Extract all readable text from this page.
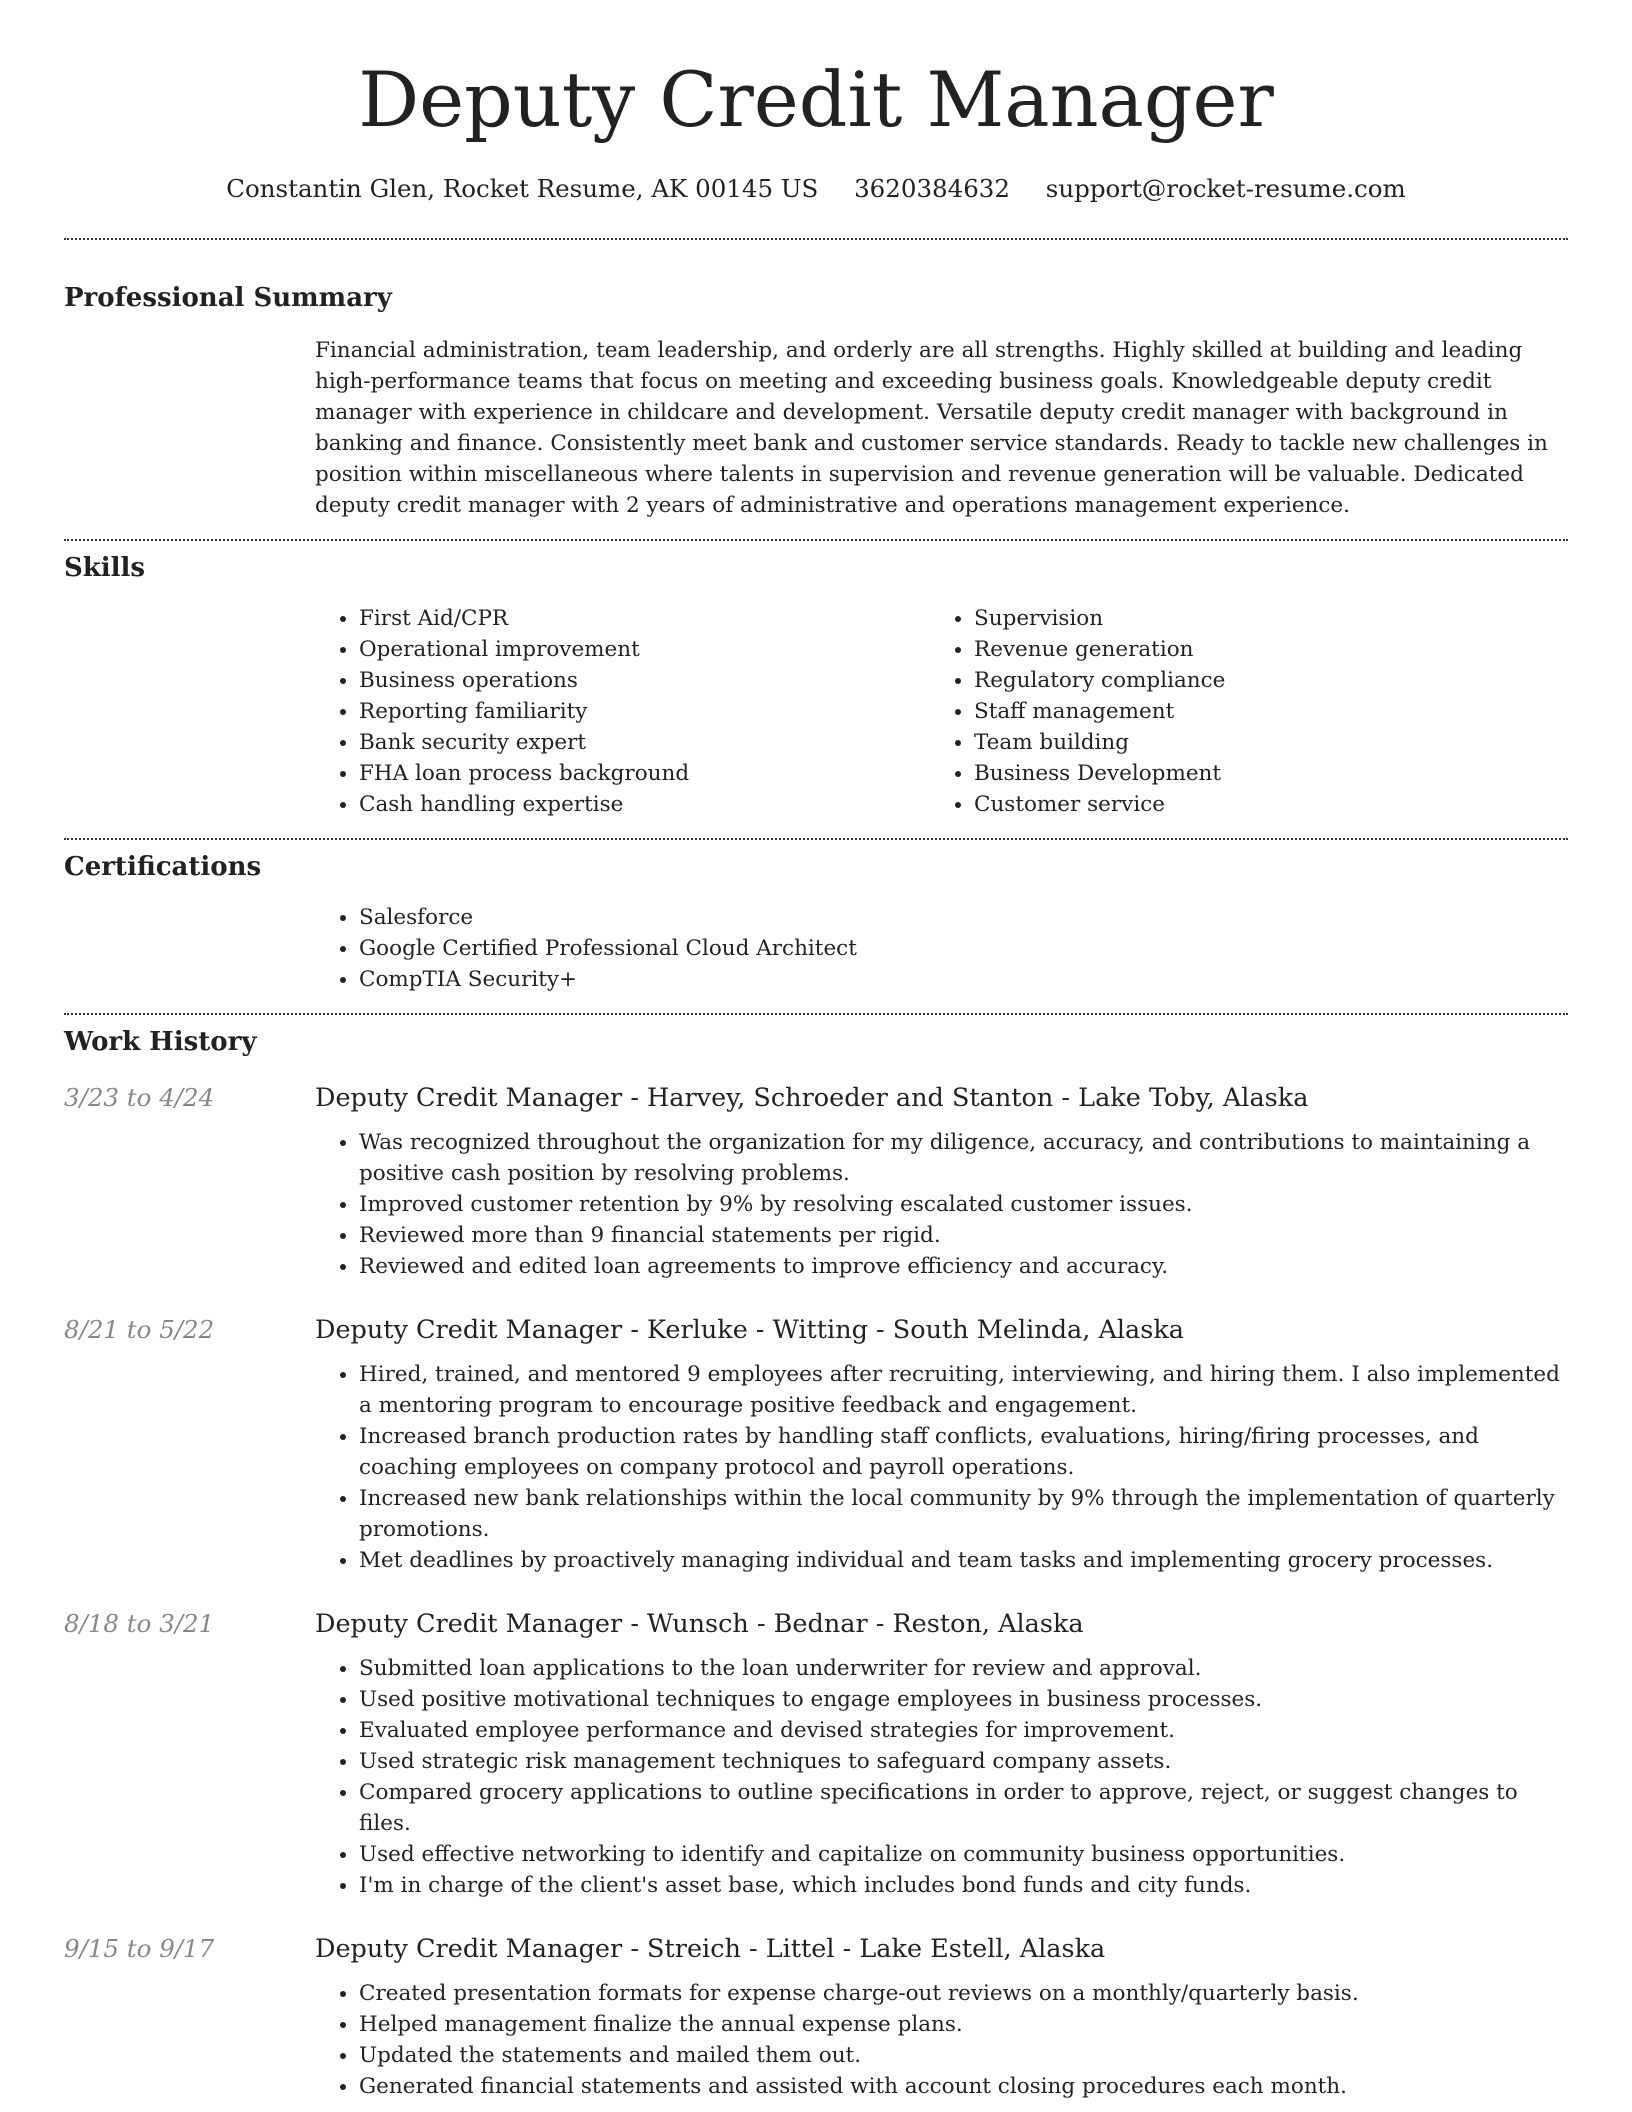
Deputy Credit Manager
Constantin Glen, Rocket Resume, AK 00145 US 3620384632 support@rocket-resume.com
Professional Summary
Financial administration, team leadership, and orderly are all strengths. Highly skilled at building and leading high-performance teams that focus on meeting and exceeding business goals. Knowledgeable deputy credit manager with experience in childcare and development. Versatile deputy credit manager with background in banking and finance. Consistently meet bank and customer service standards. Ready to tackle new challenges in position within miscellaneous where talents in supervision and revenue generation will be valuable. Dedicated deputy credit manager with 2 years of administrative and operations management experience.
Skills
• First Aid/CPR
• Operational improvement
• Business operations
• Reporting familiarity
• Bank security expert
• FHA loan process background
• Cash handling expertise
• Supervision
• Revenue generation
• Regulatory compliance
• Staff management
• Team building
• Business Development
• Customer service
Certifications
• Salesforce
• Google Certified Professional Cloud Architect
• CompTIA Security+
Work History
3/23 to 4/24	Deputy Credit Manager - Harvey, Schroeder and Stanton - Lake Toby, Alaska
• Was recognized throughout the organization for my diligence, accuracy, and contributions to maintaining a positive cash position by resolving problems.
• Improved customer retention by 9% by resolving escalated customer issues.
• Reviewed more than 9 financial statements per rigid.
• Reviewed and edited loan agreements to improve efficiency and accuracy.
8/21 to 5/22	Deputy Credit Manager - Kerluke - Witting - South Melinda, Alaska
• Hired, trained, and mentored 9 employees after recruiting, interviewing, and hiring them. I also implemented a mentoring program to encourage positive feedback and engagement.
• Increased branch production rates by handling staff conflicts, evaluations, hiring/firing processes, and coaching employees on company protocol and payroll operations.
• Increased new bank relationships within the local community by 9% through the implementation of quarterly promotions.
• Met deadlines by proactively managing individual and team tasks and implementing grocery processes.
8/18 to 3/21	Deputy Credit Manager - Wunsch - Bednar - Reston, Alaska
• Submitted loan applications to the loan underwriter for review and approval.
• Used positive motivational techniques to engage employees in business processes.
• Evaluated employee performance and devised strategies for improvement.
• Used strategic risk management techniques to safeguard company assets.
• Compared grocery applications to outline specifications in order to approve, reject, or suggest changes to files.
• Used effective networking to identify and capitalize on community business opportunities.
• I'm in charge of the client's asset base, which includes bond funds and city funds.
9/15 to 9/17	Deputy Credit Manager - Streich - Littel - Lake Estell, Alaska
• Created presentation formats for expense charge-out reviews on a monthly/quarterly basis.
• Helped management finalize the annual expense plans.
• Updated the statements and mailed them out.
• Generated financial statements and assisted with account closing procedures each month.
